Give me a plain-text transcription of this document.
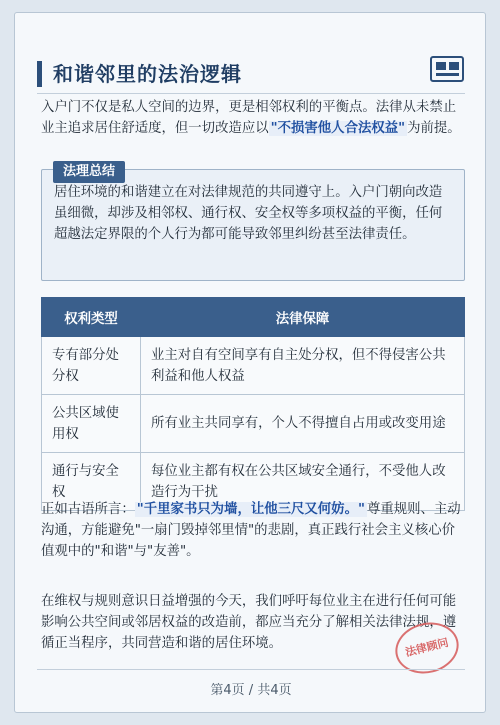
和谐邻里的法治逻辑
入户门不仅是私人空间的边界，更是相邻权利的平衡点。法律从未禁止业主追求居住舒适度，但一切改造应以 "不损害他人合法权益" 为前提。
居住环境的和谐建立在对法律规范的共同遵守上。入户门朝向改造虽细微，却涉及相邻权、通行权、安全权等多项权益的平衡，任何超越法定界限的个人行为都可能导致邻里纠纷甚至法律责任。
法理总结
权利类型	法律保障
专有部分处分权	业主对自有空间享有自主处分权，但不得侵害公共利益和他人权益
公共区域使用权	所有业主共同享有，个人不得擅自占用或改变用途
通行与安全权	每位业主都有权在公共区域安全通行，不受他人改造行为干扰
正如古语所言： "千里家书只为墙，让他三尺又何妨。" 尊重规则、主动沟通，方能避免"一扇门毁掉邻里情"的悲剧，真正践行社会主义核心价值观中的"和谐"与"友善"。
在维权与规则意识日益增强的今天，我们呼吁每位业主在进行任何可能影响公共空间或邻居权益的改造前，都应当充分了解相关法律法规，遵循正当程序，共同营造和谐的居住环境。	法律顾问
第4页 / 共4页
